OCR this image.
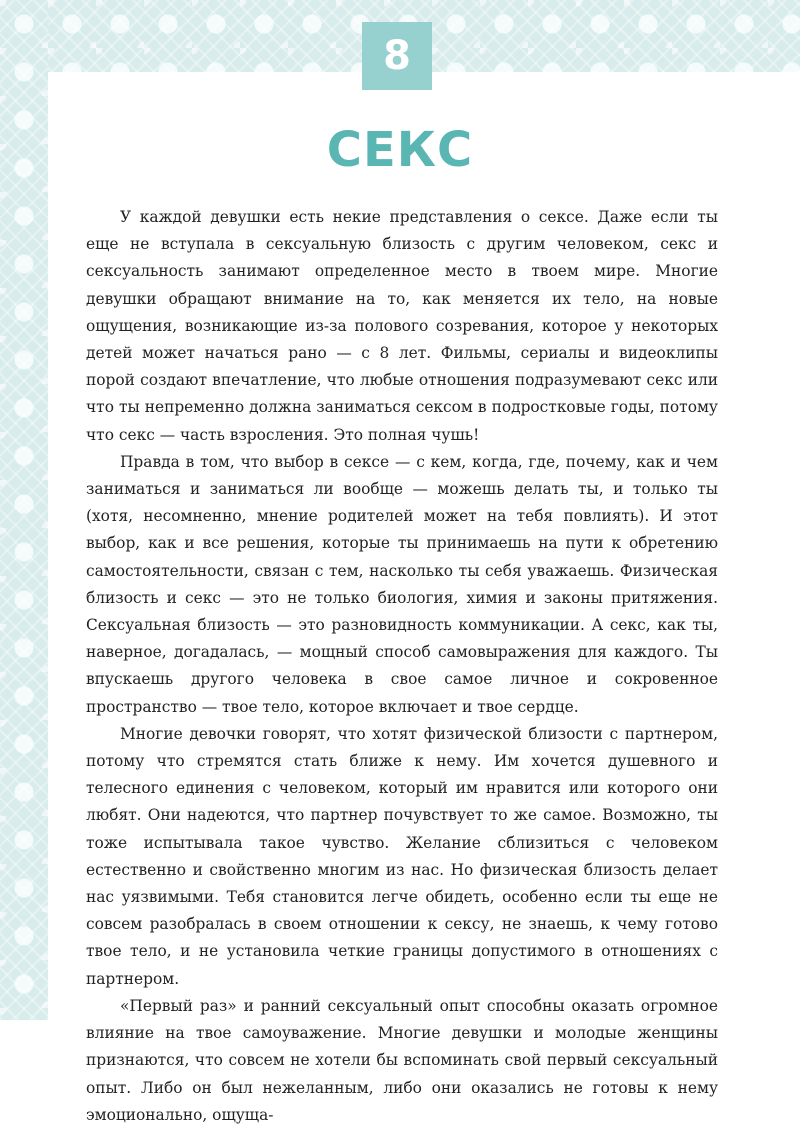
8
СЕКС

У каждой девушки есть некие представления о сексе. Даже если ты еще не вступала в сексуальную близость с другим человеком, секс и сексуальность занимают определенное место в твоем мире. Многие девушки обращают внимание на то, как меняется их тело, на новые ощущения, возникающие из-за полового созревания, которое у некоторых детей может начаться рано — с 8 лет. Фильмы, сериалы и видеоклипы порой создают впечатление, что любые отношения подразумевают секс или что ты непременно должна заниматься сексом в подростковые годы, потому что секс — часть взросления. Это полная чушь!

Правда в том, что выбор в сексе — с кем, когда, где, почему, как и чем заниматься и заниматься ли вообще — можешь делать ты, и только ты (хотя, несомненно, мнение родителей может на тебя повлиять). И этот выбор, как и все решения, которые ты принимаешь на пути к обретению самостоятельности, связан с тем, насколько ты себя уважаешь. Физическая близость и секс — это не только биология, химия и законы притяжения. Сексуальная близость — это разновидность коммуникации. А секс, как ты, наверное, догадалась, — мощный способ самовыражения для каждого. Ты впускаешь другого человека в свое самое личное и сокровенное пространство — твое тело, которое включает и твое сердце.

Многие девочки говорят, что хотят физической близости с партнером, потому что стремятся стать ближе к нему. Им хочется душевного и телесного единения с человеком, который им нравится или которого они любят. Они надеются, что партнер почувствует то же самое. Возможно, ты тоже испытывала такое чувство. Желание сблизиться с человеком естественно и свойственно многим из нас. Но физическая близость делает нас уязвимыми. Тебя становится легче обидеть, особенно если ты еще не совсем разобралась в своем отношении к сексу, не знаешь, к чему готово твое тело, и не установила четкие границы допустимого в отношениях с партнером.

«Первый раз» и ранний сексуальный опыт способны оказать огромное влияние на твое самоуважение. Многие девушки и молодые женщины признаются, что совсем не хотели бы вспоминать свой первый сексуальный опыт. Либо он был нежеланным, либо они оказались не готовы к нему эмоционально, ощуща-
